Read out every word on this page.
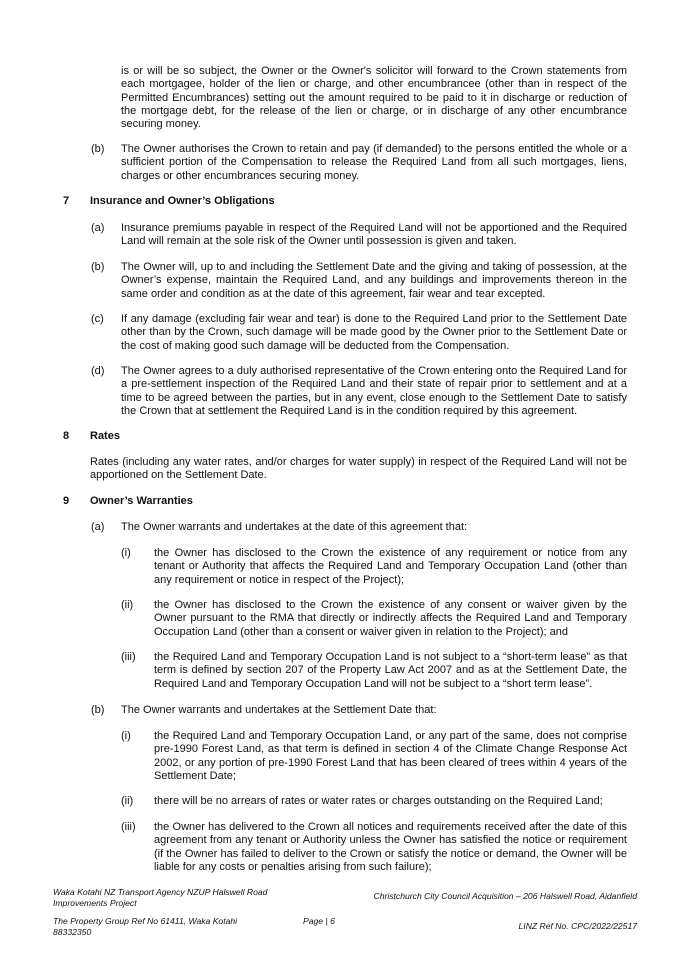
is or will be so subject, the Owner or the Owner's solicitor will forward to the Crown statements from each mortgagee, holder of the lien or charge, and other encumbrancee (other than in respect of the Permitted Encumbrances) setting out the amount required to be paid to it in discharge or reduction of the mortgage debt, for the release of the lien or charge, or in discharge of any other encumbrance securing money.
(b) The Owner authorises the Crown to retain and pay (if demanded) to the persons entitled the whole or a sufficient portion of the Compensation to release the Required Land from all such mortgages, liens, charges or other encumbrances securing money.
7 Insurance and Owner’s Obligations
(a) Insurance premiums payable in respect of the Required Land will not be apportioned and the Required Land will remain at the sole risk of the Owner until possession is given and taken.
(b) The Owner will, up to and including the Settlement Date and the giving and taking of possession, at the Owner’s expense, maintain the Required Land, and any buildings and improvements thereon in the same order and condition as at the date of this agreement, fair wear and tear excepted.
(c) If any damage (excluding fair wear and tear) is done to the Required Land prior to the Settlement Date other than by the Crown, such damage will be made good by the Owner prior to the Settlement Date or the cost of making good such damage will be deducted from the Compensation.
(d) The Owner agrees to a duly authorised representative of the Crown entering onto the Required Land for a pre-settlement inspection of the Required Land and their state of repair prior to settlement and at a time to be agreed between the parties, but in any event, close enough to the Settlement Date to satisfy the Crown that at settlement the Required Land is in the condition required by this agreement.
8 Rates
Rates (including any water rates, and/or charges for water supply) in respect of the Required Land will not be apportioned on the Settlement Date.
9 Owner’s Warranties
(a) The Owner warrants and undertakes at the date of this agreement that:
(i) the Owner has disclosed to the Crown the existence of any requirement or notice from any tenant or Authority that affects the Required Land and Temporary Occupation Land (other than any requirement or notice in respect of the Project);
(ii) the Owner has disclosed to the Crown the existence of any consent or waiver given by the Owner pursuant to the RMA that directly or indirectly affects the Required Land and Temporary Occupation Land (other than a consent or waiver given in relation to the Project); and
(iii) the Required Land and Temporary Occupation Land is not subject to a “short-term lease” as that term is defined by section 207 of the Property Law Act 2007 and as at the Settlement Date, the Required Land and Temporary Occupation Land will not be subject to a “short term lease”.
(b) The Owner warrants and undertakes at the Settlement Date that:
(i) the Required Land and Temporary Occupation Land, or any part of the same, does not comprise pre-1990 Forest Land, as that term is defined in section 4 of the Climate Change Response Act 2002, or any portion of pre-1990 Forest Land that has been cleared of trees within 4 years of the Settlement Date;
(ii) there will be no arrears of rates or water rates or charges outstanding on the Required Land;
(iii) the Owner has delivered to the Crown all notices and requirements received after the date of this agreement from any tenant or Authority unless the Owner has satisfied the notice or requirement (if the Owner has failed to deliver to the Crown or satisfy the notice or demand, the Owner will be liable for any costs or penalties arising from such failure);
Waka Kotahi NZ Transport Agency NZUP Halswell Road Improvements Project
The Property Group Ref No 61411, Waka Kotahi 88332350
Page | 6
Christchurch City Council Acquisition – 206 Halswell Road, Aidanfield
LINZ Ref No. CPC/2022/22517
